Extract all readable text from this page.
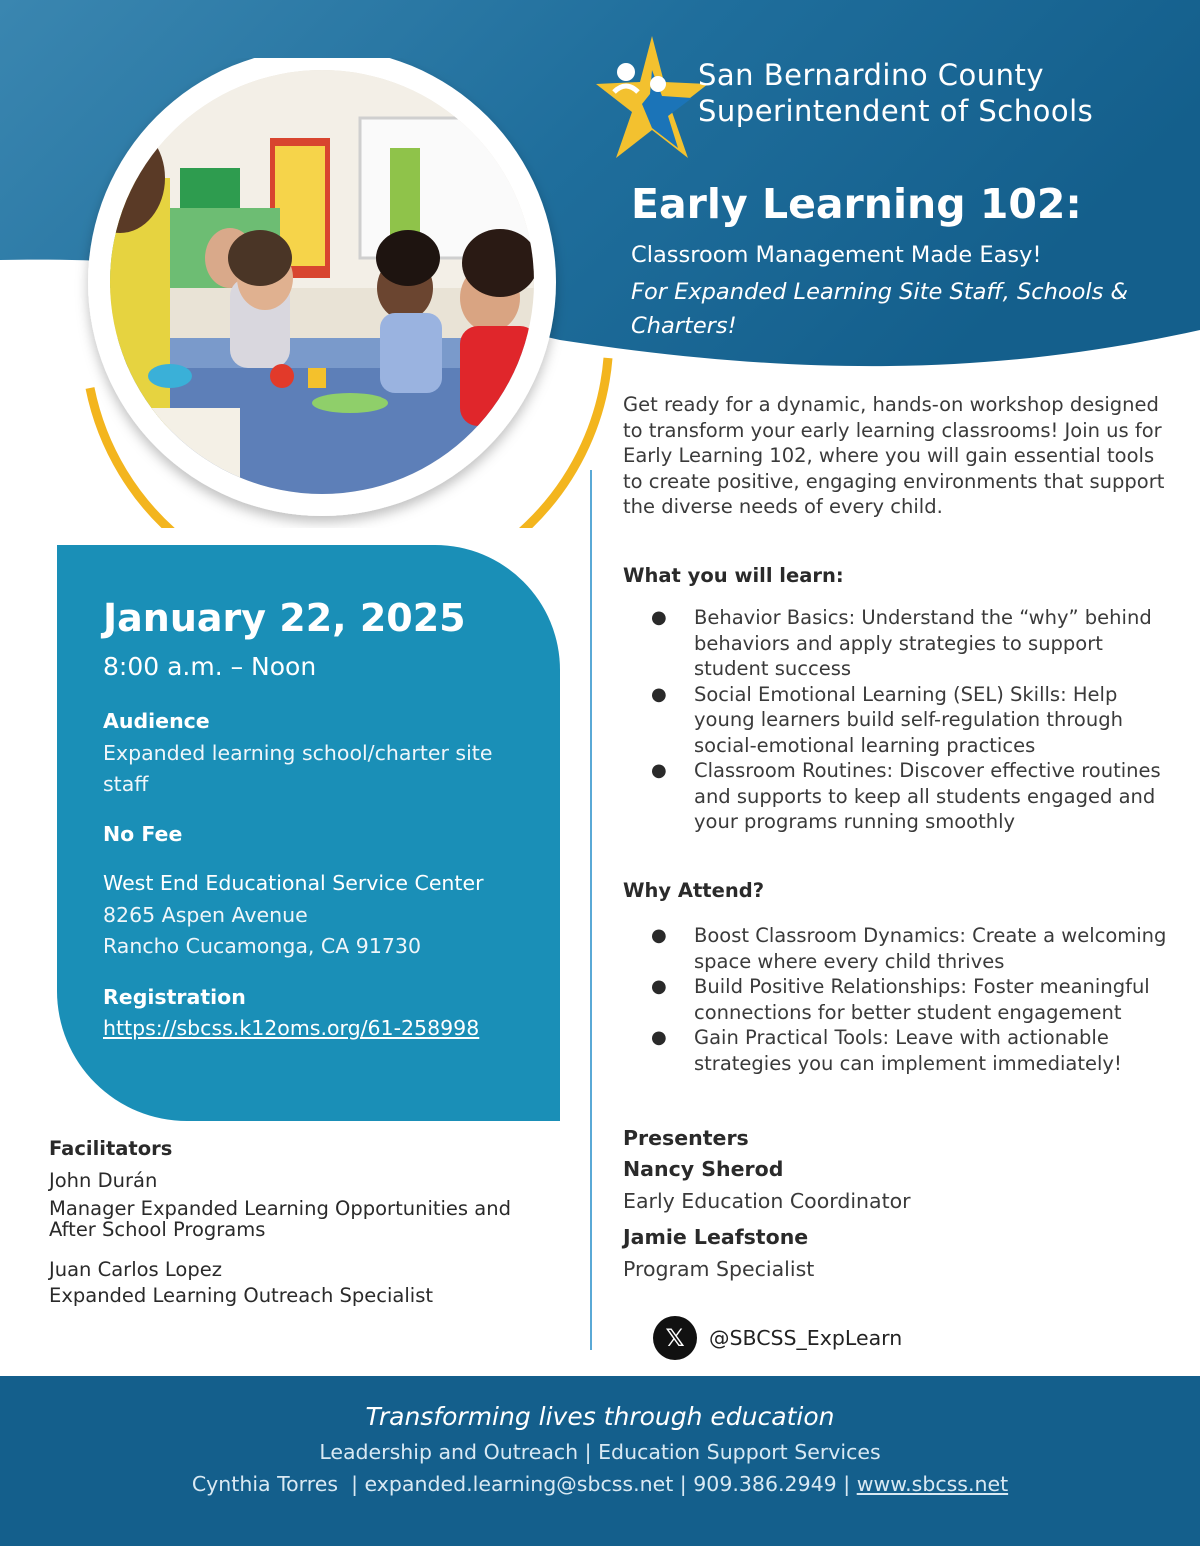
San Bernardino County
Superintendent of Schools
Early Learning 102:
Classroom Management Made Easy!
For Expanded Learning Site Staff, Schools & Charters!
Get ready for a dynamic, hands-on workshop designed to transform your early learning classrooms! Join us for Early Learning 102, where you will gain essential tools to create positive, engaging environments that support the diverse needs of every child.
What you will learn:
● Behavior Basics: Understand the “why” behind behaviors and apply strategies to support student success
● Social Emotional Learning (SEL) Skills: Help young learners build self-regulation through social-emotional learning practices
● Classroom Routines: Discover effective routines and supports to keep all students engaged and your programs running smoothly
Why Attend?
● Boost Classroom Dynamics: Create a welcoming space where every child thrives
● Build Positive Relationships: Foster meaningful connections for better student engagement
● Gain Practical Tools: Leave with actionable strategies you can implement immediately!
January 22, 2025
8:00 a.m. – Noon
Audience
Expanded learning school/charter site staff
No Fee
West End Educational Service Center
8265 Aspen Avenue
Rancho Cucamonga, CA 91730
Registration
https://sbcss.k12oms.org/61-258998
Facilitators
John Durán
Manager Expanded Learning Opportunities and After School Programs
Juan Carlos Lopez
Expanded Learning Outreach Specialist
Presenters
Nancy Sherod
Early Education Coordinator
Jamie Leafstone
Program Specialist
𝕏	@SBCSS_ExpLearn
Transforming lives through education
Leadership and Outreach | Education Support Services
Cynthia Torres | expanded.learning@sbcss.net | 909.386.2949 | www.sbcss.net
